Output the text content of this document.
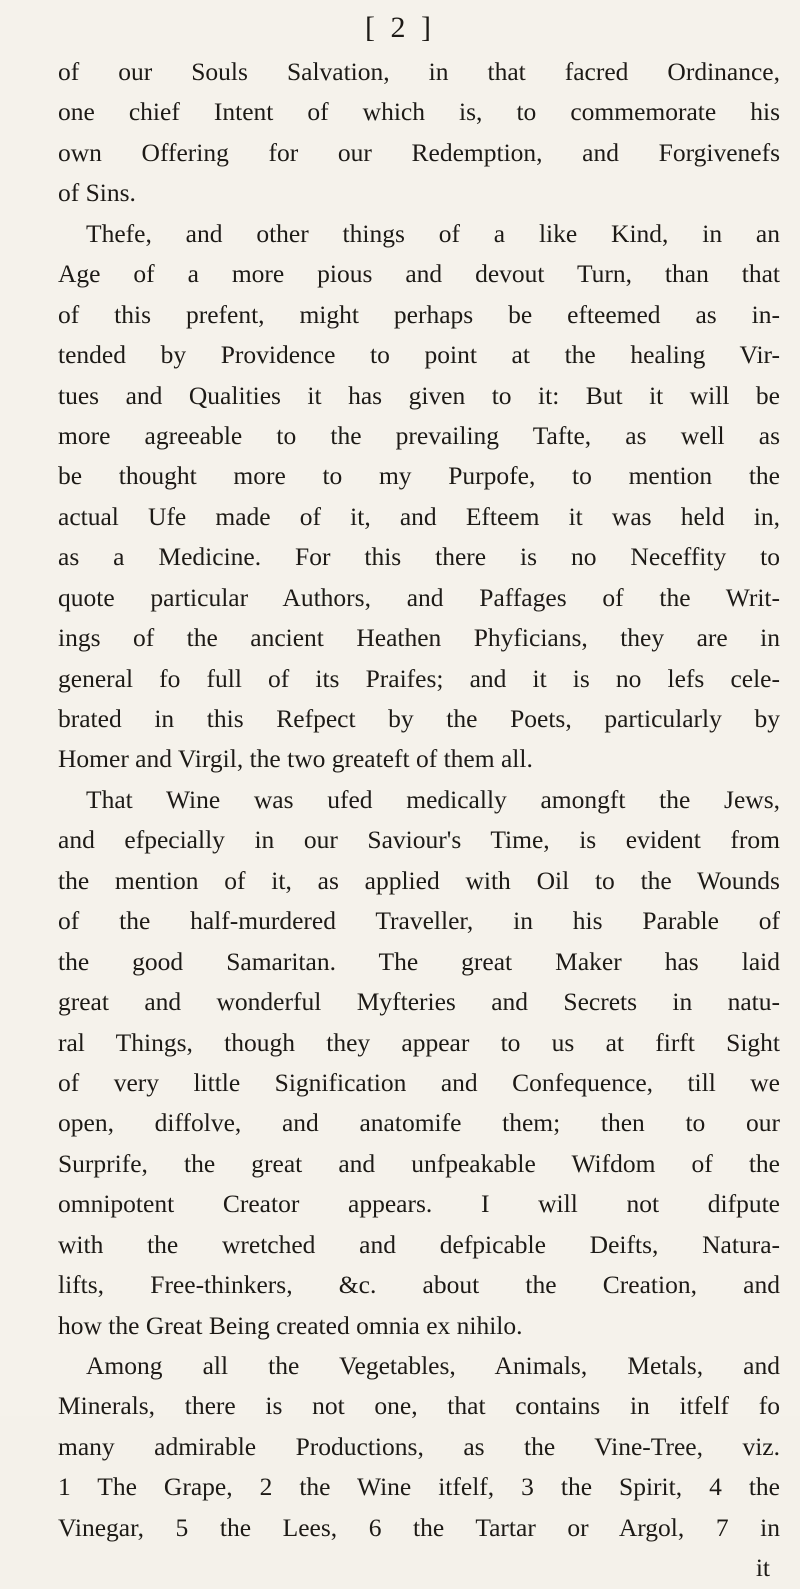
[ 2 ]
of our Souls Salvation, in that facred Ordinance,
one chief Intent of which is, to commemorate his
own Offering for our Redemption, and Forgivenefs
of Sins.
Thefe, and other things of a like Kind, in an
Age of a more pious and devout Turn, than that
of this prefent, might perhaps be efteemed as in-
tended by Providence to point at the healing Vir-
tues and Qualities it has given to it: But it will be
more agreeable to the prevailing Tafte, as well as
be thought more to my Purpofe, to mention the
actual Ufe made of it, and Efteem it was held in,
as a Medicine. For this there is no Neceffity to
quote particular Authors, and Paffages of the Writ-
ings of the ancient Heathen Phyficians, they are in
general fo full of its Praifes; and it is no lefs cele-
brated in this Refpect by the Poets, particularly by
Homer and Virgil, the two greateft of them all.
That Wine was ufed medically amongft the Jews,
and efpecially in our Saviour's Time, is evident from
the mention of it, as applied with Oil to the Wounds
of the half-murdered Traveller, in his Parable of
the good Samaritan. The great Maker has laid
great and wonderful Myfteries and Secrets in natu-
ral Things, though they appear to us at firft Sight
of very little Signification and Confequence, till we
open, diffolve, and anatomife them; then to our
Surprife, the great and unfpeakable Wifdom of the
omnipotent Creator appears. I will not difpute
with the wretched and defpicable Deifts, Natura-
lifts, Free-thinkers, &c. about the Creation, and
how the Great Being created omnia ex nihilo.
Among all the Vegetables, Animals, Metals, and
Minerals, there is not one, that contains in itfelf fo
many admirable Productions, as the Vine-Tree, viz.
1 The Grape, 2 the Wine itfelf, 3 the Spirit, 4 the
Vinegar, 5 the Lees, 6 the Tartar or Argol, 7 in
it
